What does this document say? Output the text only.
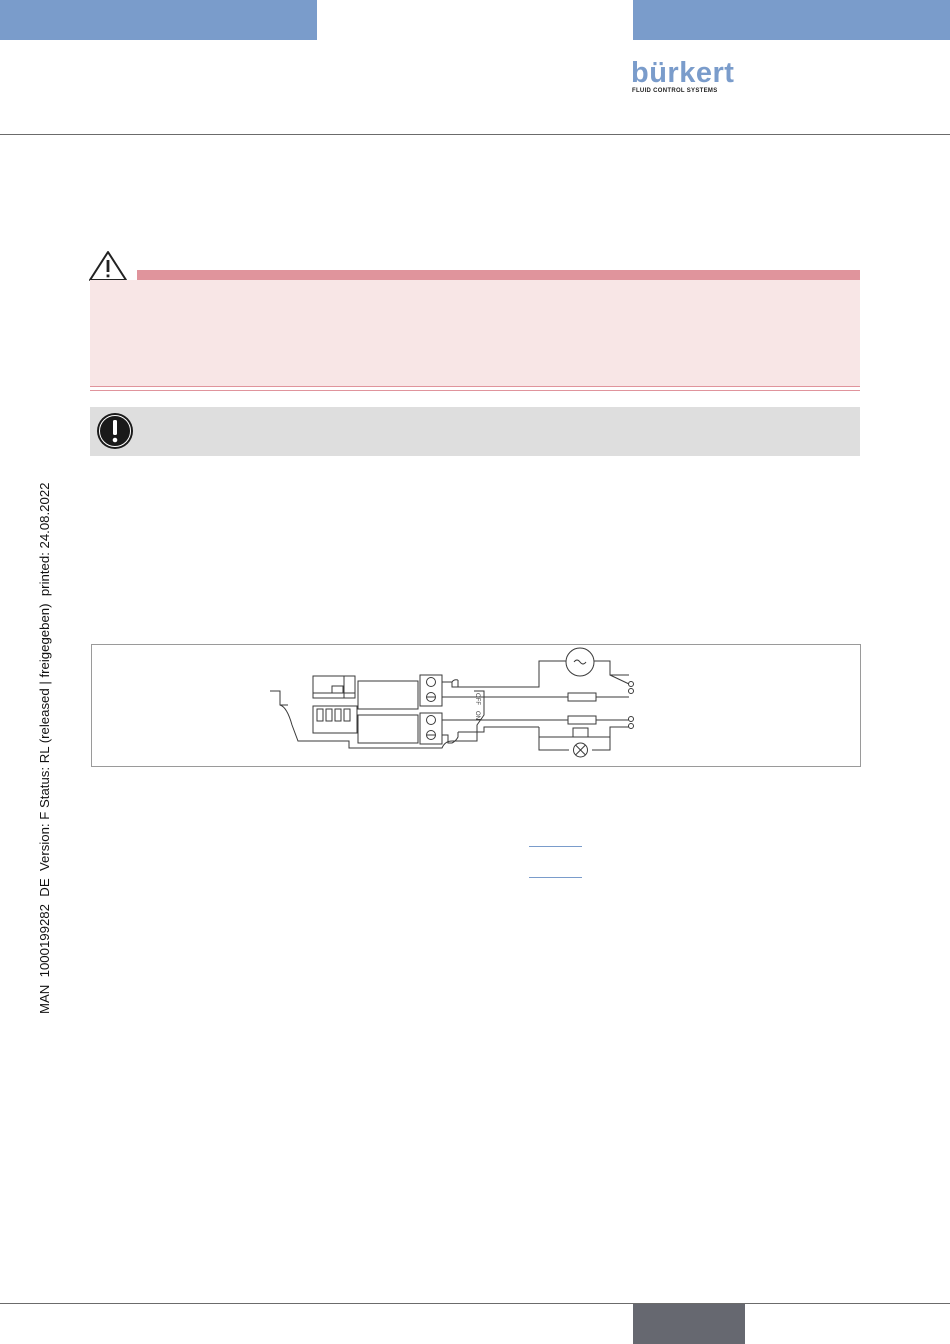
bürkert
FLUID CONTROL SYSTEMS
OFF
ON
MAN  1000199282  DE  Version: F Status: RL (released | freigegeben)  printed: 24.08.2022
